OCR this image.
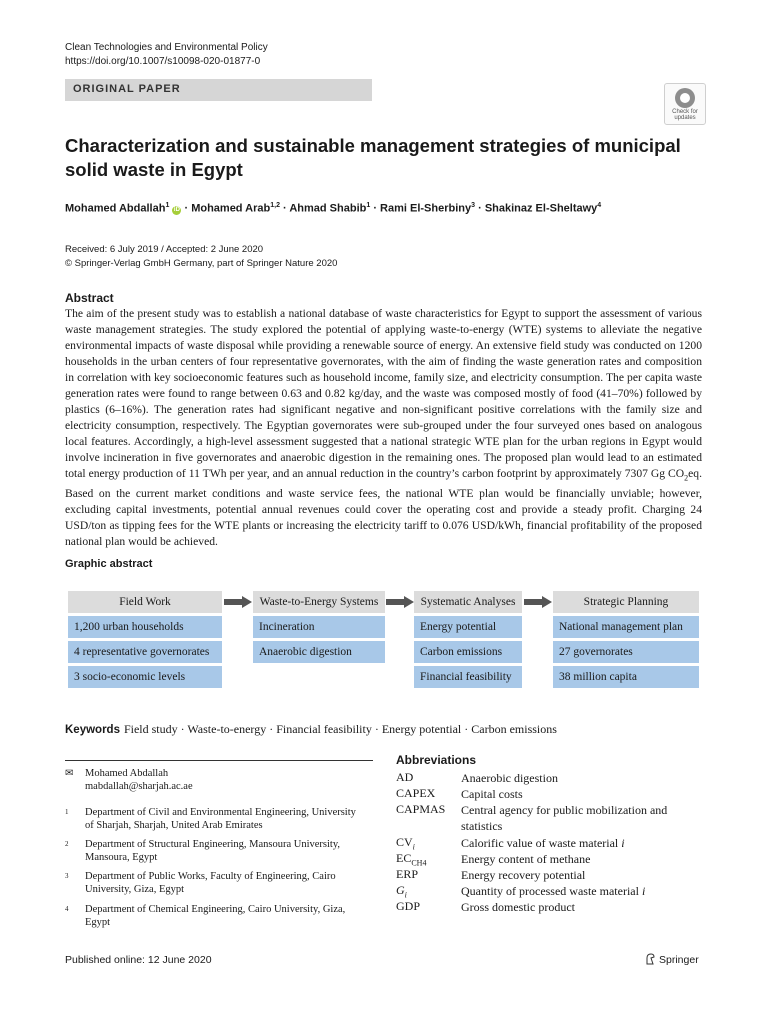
Clean Technologies and Environmental Policy
https://doi.org/10.1007/s10098-020-01877-0
ORIGINAL PAPER
Check for
updates
Characterization and sustainable management strategies of municipal solid waste in Egypt
Mohamed Abdallah$^1$ iD · Mohamed Arab$^{1,2}$ · Ahmad Shabib$^1$ · Rami El-Sherbiny$^3$ · Shakinaz El-Sheltawy$^4$
Received: 6 July 2019 / Accepted: 2 June 2020
© Springer-Verlag GmbH Germany, part of Springer Nature 2020
Abstract
The aim of the present study was to establish a national database of waste characteristics for Egypt to support the assessment of various waste management strategies. The study explored the potential of applying waste-to-energy (WTE) systems to alleviate the negative environmental impacts of waste disposal while providing a renewable source of energy. An extensive field study was conducted on 1200 households in the urban centers of four representative governorates, with the aim of finding the waste generation rates and composition in correlation with key socioeconomic features such as household income, family size, and electricity consumption. The per capita waste generation rates were found to range between 0.63 and 0.82 kg/day, and the waste was composed mostly of food (41–70%) followed by plastics (6–16%). The generation rates had significant negative and non-significant positive correlations with the family size and electricity consumption, respectively. The Egyptian governorates were sub-grouped under the four surveyed ones based on analogous local features. Accordingly, a high-level assessment suggested that a national strategic WTE plan for the urban regions in Egypt would involve incineration in five governorates and anaerobic digestion in the remaining ones. The proposed plan would lead to an estimated total energy production of 11 TWh per year, and an annual reduction in the country’s carbon footprint by approximately 7307 Gg $CO_2eq$. Based on the current market conditions and waste service fees, the national WTE plan would be financially unviable; however, excluding capital investments, potential annual revenues could cover the operating cost and provide a steady profit. Charging 24 USD/ton as tipping fees for the WTE plants or increasing the electricity tariff to 0.076 USD/kWh, financial profitability of the proposed national plan would be achieved.
Graphic abstract
Field Work
1,200 urban households
4 representative governorates
3 socio-economic levels
Waste-to-Energy Systems
Incineration
Anaerobic digestion
Systematic Analyses
Energy potential
Carbon emissions
Financial feasibility
Strategic Planning
National management plan
27 governorates
38 million capita
Keywords Field study · Waste-to-energy · Financial feasibility · Energy potential · Carbon emissions
✉ Mohamed Abdallah
mabdallah@sharjah.ac.ae
1 Department of Civil and Environmental Engineering, University of Sharjah, Sharjah, United Arab Emirates
2 Department of Structural Engineering, Mansoura University, Mansoura, Egypt
3 Department of Public Works, Faculty of Engineering, Cairo University, Giza, Egypt
4 Department of Chemical Engineering, Cairo University, Giza, Egypt
Abbreviations
AD	Anaerobic digestion
CAPEX Capital costs
CAPMAS Central agency for public mobilization and statistics
$CV_i$	Calorific value of waste material i
$EC_{CH4}$	Energy content of methane
ERP	Energy recovery potential
$G_i$	Quantity of processed waste material i
GDP	Gross domestic product
Published online: 12 June 2020	Springer
